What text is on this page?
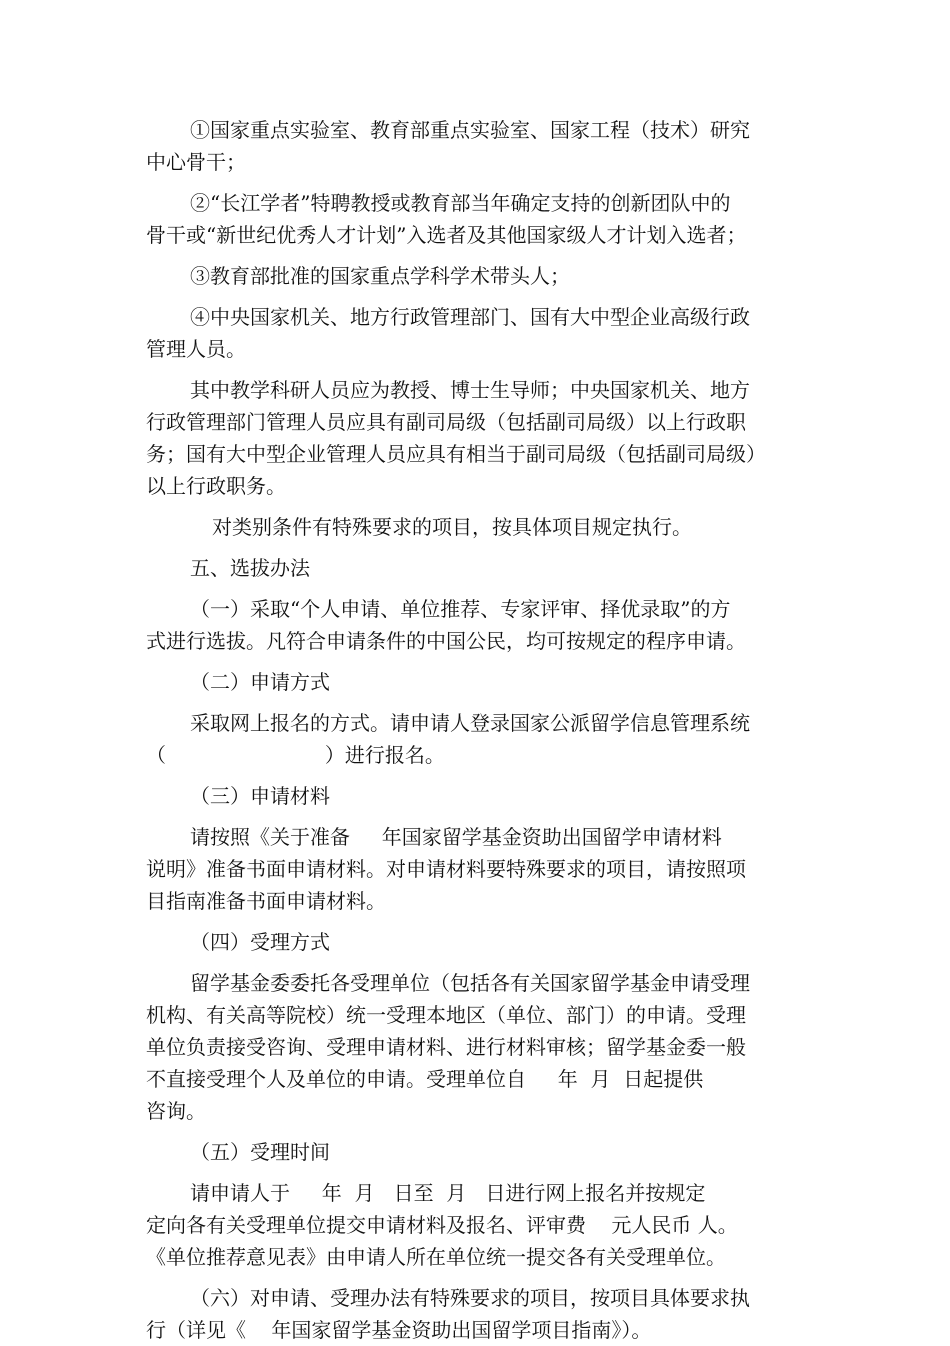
①国家重点实验室、教育部重点实验室、国家工程（技术）研究
中心骨干；
②“长江学者”特聘教授或教育部当年确定支持的创新团队中的
骨干或“新世纪优秀人才计划”入选者及其他国家级人才计划入选者；
③教育部批准的国家重点学科学术带头人；
④中央国家机关、地方行政管理部门、国有大中型企业高级行政
管理人员。
其中教学科研人员应为教授、博士生导师；中央国家机关、地方
行政管理部门管理人员应具有副司局级（包括副司局级）以上行政职
务；国有大中型企业管理人员应具有相当于副司局级（包括副司局级）
以上行政职务。
对类别条件有特殊要求的项目，按具体项目规定执行。
五、选拔办法
（一）采取“个人申请、单位推荐、专家评审、择优录取”的方
式进行选拔。凡符合申请条件的中国公民，均可按规定的程序申请。
（二）申请方式
采取网上报名的方式。请申请人登录国家公派留学信息管理系统
（                         ）进行报名。
（三）申请材料
请按照《关于准备     年国家留学基金资助出国留学申请材料
说明》准备书面申请材料。对申请材料要特殊要求的项目，请按照项
目指南准备书面申请材料。
（四）受理方式
留学基金委委托各受理单位（包括各有关国家留学基金申请受理
机构、有关高等院校）统一受理本地区（单位、部门）的申请。受理
单位负责接受咨询、受理申请材料、进行材料审核；留学基金委一般
不直接受理个人及单位的申请。受理单位自     年  月  日起提供
咨询。
（五）受理时间
请申请人于     年  月   日至  月   日进行网上报名并按规定
定向各有关受理单位提交申请材料及报名、评审费    元人民币 人。
《单位推荐意见表》由申请人所在单位统一提交各有关受理单位。
（六）对申请、受理办法有特殊要求的项目，按项目具体要求执
行（详见《    年国家留学基金资助出国留学项目指南》）。
